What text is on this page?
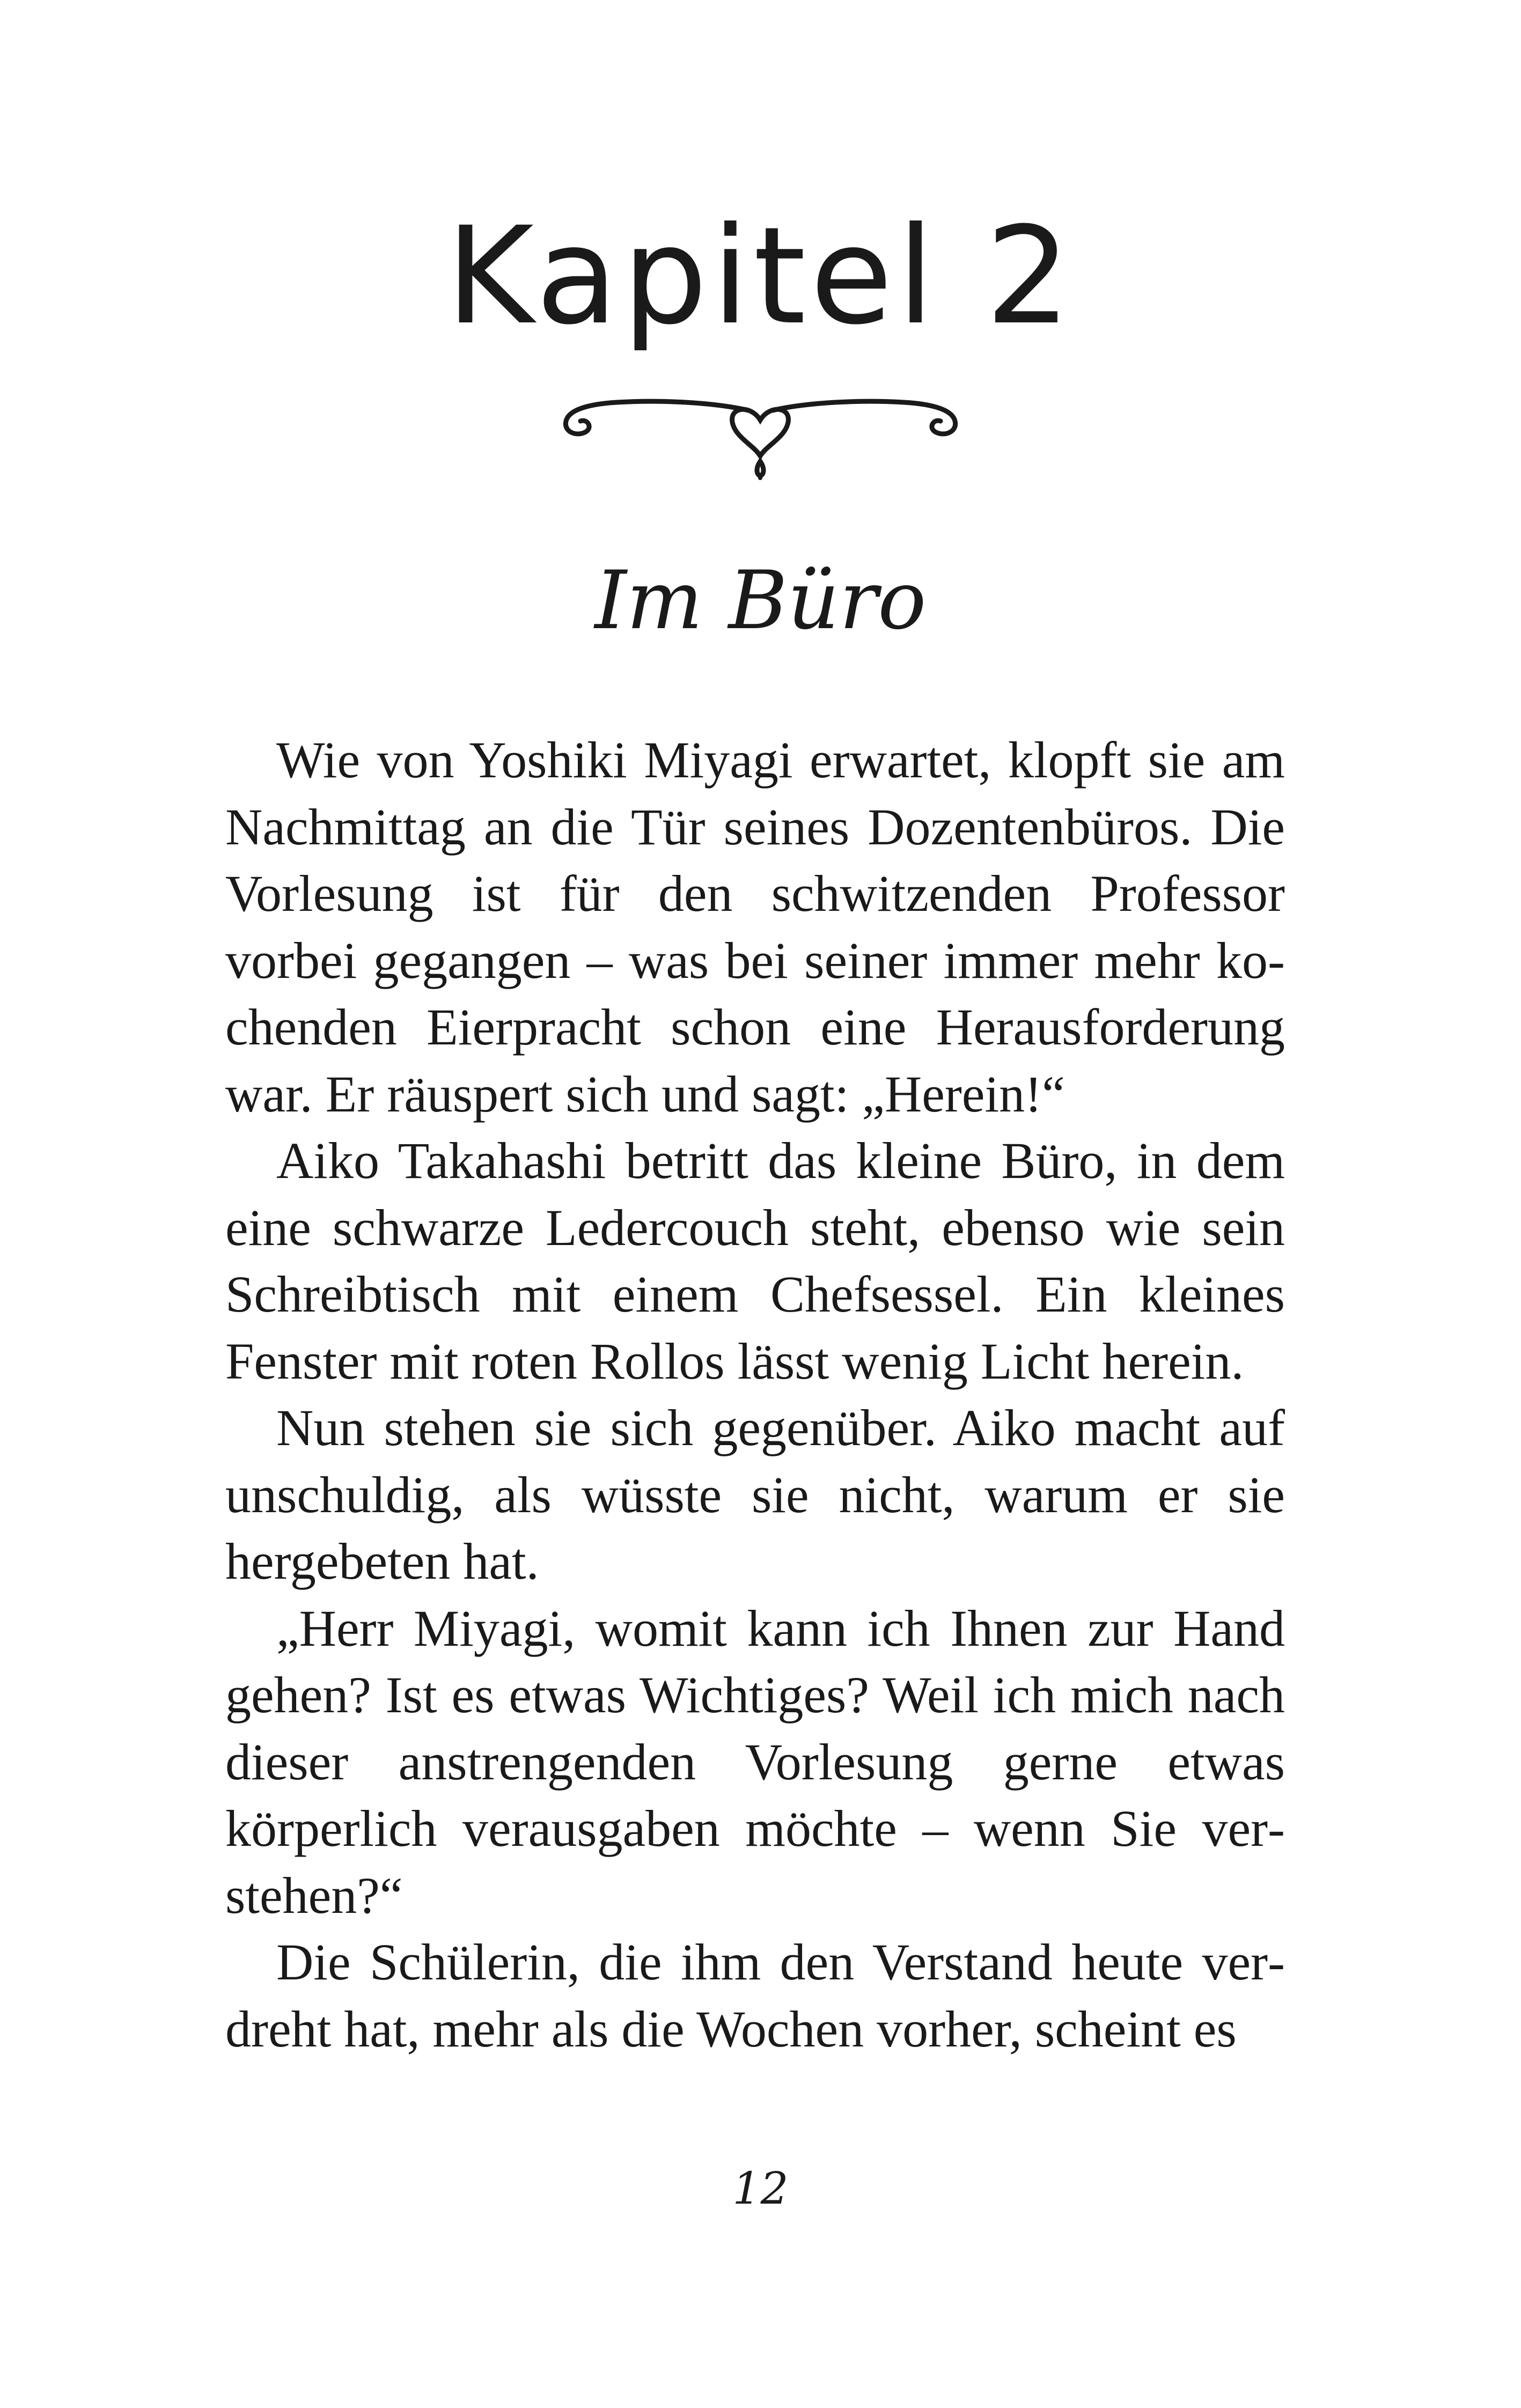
Kapitel 2
Im Büro

Wie von Yoshiki Miyagi erwartet, klopft sie am Nachmittag an die Tür seines Dozentenbüros. Die Vorlesung ist für den schwitzenden Professor vorbei gegangen – was bei seiner immer mehr kochenden Eierpracht schon eine Herausforderung war. Er räuspert sich und sagt: „Herein!“

Aiko Takahashi betritt das kleine Büro, in dem eine schwarze Ledercouch steht, ebenso wie sein Schreibtisch mit einem Chefsessel. Ein kleines Fenster mit roten Rollos lässt wenig Licht herein.

Nun stehen sie sich gegenüber. Aiko macht auf unschuldig, als wüsste sie nicht, warum er sie hergebeten hat.

„Herr Miyagi, womit kann ich Ihnen zur Hand gehen? Ist es etwas Wichtiges? Weil ich mich nach dieser anstrengenden Vorlesung gerne etwas körperlich verausgaben möchte – wenn Sie verstehen?“

Die Schülerin, die ihm den Verstand heute verdreht hat, mehr als die Wochen vorher, scheint es

12
